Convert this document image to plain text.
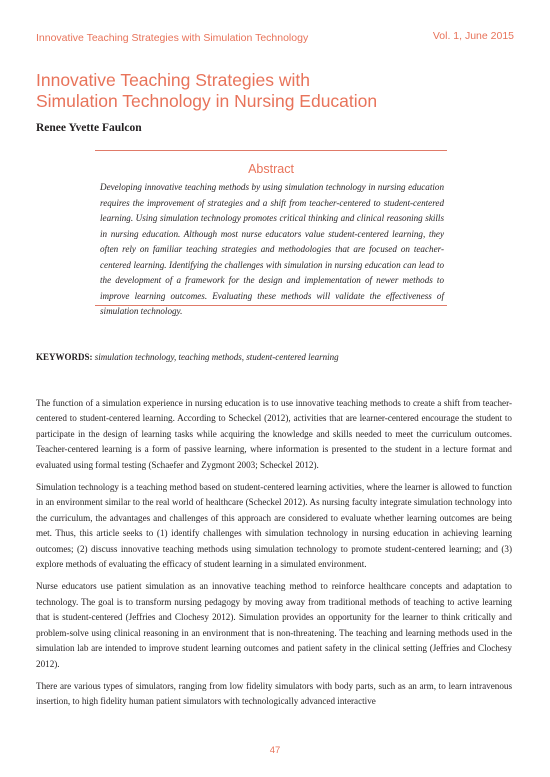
Innovative Teaching Strategies with Simulation Technology	Vol. 1, June 2015
Innovative Teaching Strategies with
Simulation Technology in Nursing Education
Renee Yvette Faulcon
Abstract

Developing innovative teaching methods by using simulation technology in nursing education requires the improvement of strategies and a shift from teacher-centered to student-centered learning. Using simulation technology promotes critical thinking and clinical reasoning skills in nursing education. Although most nurse educators value student-centered learning, they often rely on familiar teaching strategies and methodologies that are focused on teacher-centered learning. Identifying the challenges with simulation in nursing education can lead to the development of a framework for the design and implementation of newer methods to improve learning outcomes. Evaluating these methods will validate the effectiveness of simulation technology.

KEYWORDS: simulation technology, teaching methods, student-centered learning

The function of a simulation experience in nursing education is to use innovative teaching methods to create a shift from teacher-centered to student-centered learning. According to Scheckel (2012), activities that are learner-centered encourage the student to participate in the design of learning tasks while acquiring the knowledge and skills needed to meet the curriculum outcomes. Teacher-centered learning is a form of passive learning, where information is presented to the student in a lecture format and evaluated using formal testing (Schaefer and Zygmont 2003; Scheckel 2012).

Simulation technology is a teaching method based on student-centered learning activities, where the learner is allowed to function in an environment similar to the real world of healthcare (Scheckel 2012). As nursing faculty integrate simulation technology into the curriculum, the advantages and challenges of this approach are considered to evaluate whether learning outcomes are being met. Thus, this article seeks to (1) identify challenges with simulation technology in nursing education in achieving learning outcomes; (2) discuss innovative teaching methods using simulation technology to promote student-centered learning; and (3) explore methods of evaluating the efficacy of student learning in a simulated environment.

Nurse educators use patient simulation as an innovative teaching method to reinforce healthcare concepts and adaptation to technology. The goal is to transform nursing pedagogy by moving away from traditional methods of teaching to active learning that is student-centered (Jeffries and Clochesy 2012). Simulation provides an opportunity for the learner to think critically and problem-solve using clinical reasoning in an environment that is non-threatening. The teaching and learning methods used in the simulation lab are intended to improve student learning outcomes and patient safety in the clinical setting (Jeffries and Clochesy 2012).

There are various types of simulators, ranging from low fidelity simulators with body parts, such as an arm, to learn intravenous insertion, to high fidelity human patient simulators with technologically advanced interactive

47
